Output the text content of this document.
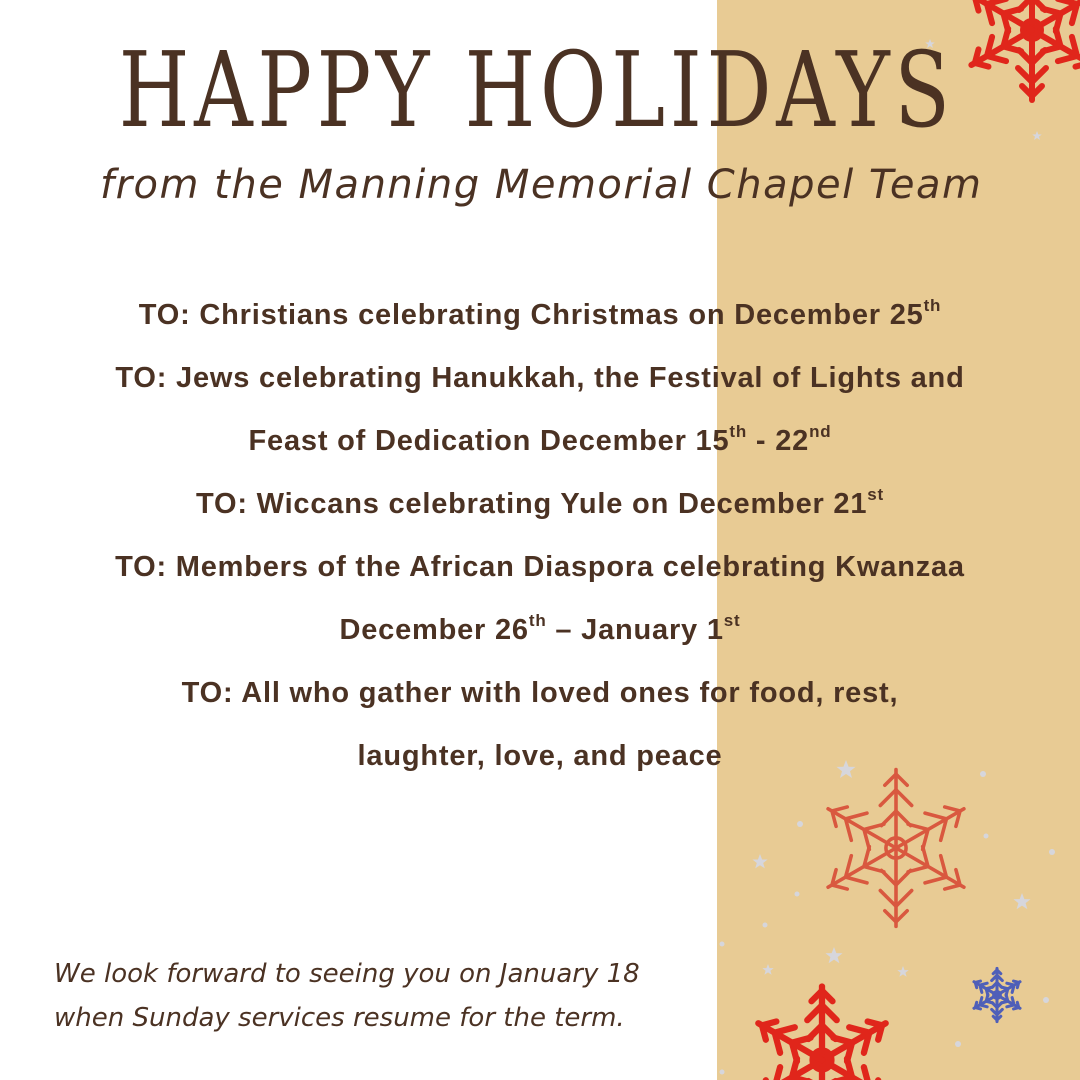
HAPPY HOLIDAYS

from the Manning Memorial Chapel Team

TO: Christians celebrating Christmas on December 25th
TO: Jews celebrating Hanukkah, the Festival of Lights and
Feast of Dedication December 15th - 22nd
TO: Wiccans celebrating Yule on December 21st
TO: Members of the African Diaspora celebrating Kwanzaa
December 26th – January 1st
TO: All who gather with loved ones for food, rest,
laughter, love, and peace

We look forward to seeing you on January 18
when Sunday services resume for the term.
